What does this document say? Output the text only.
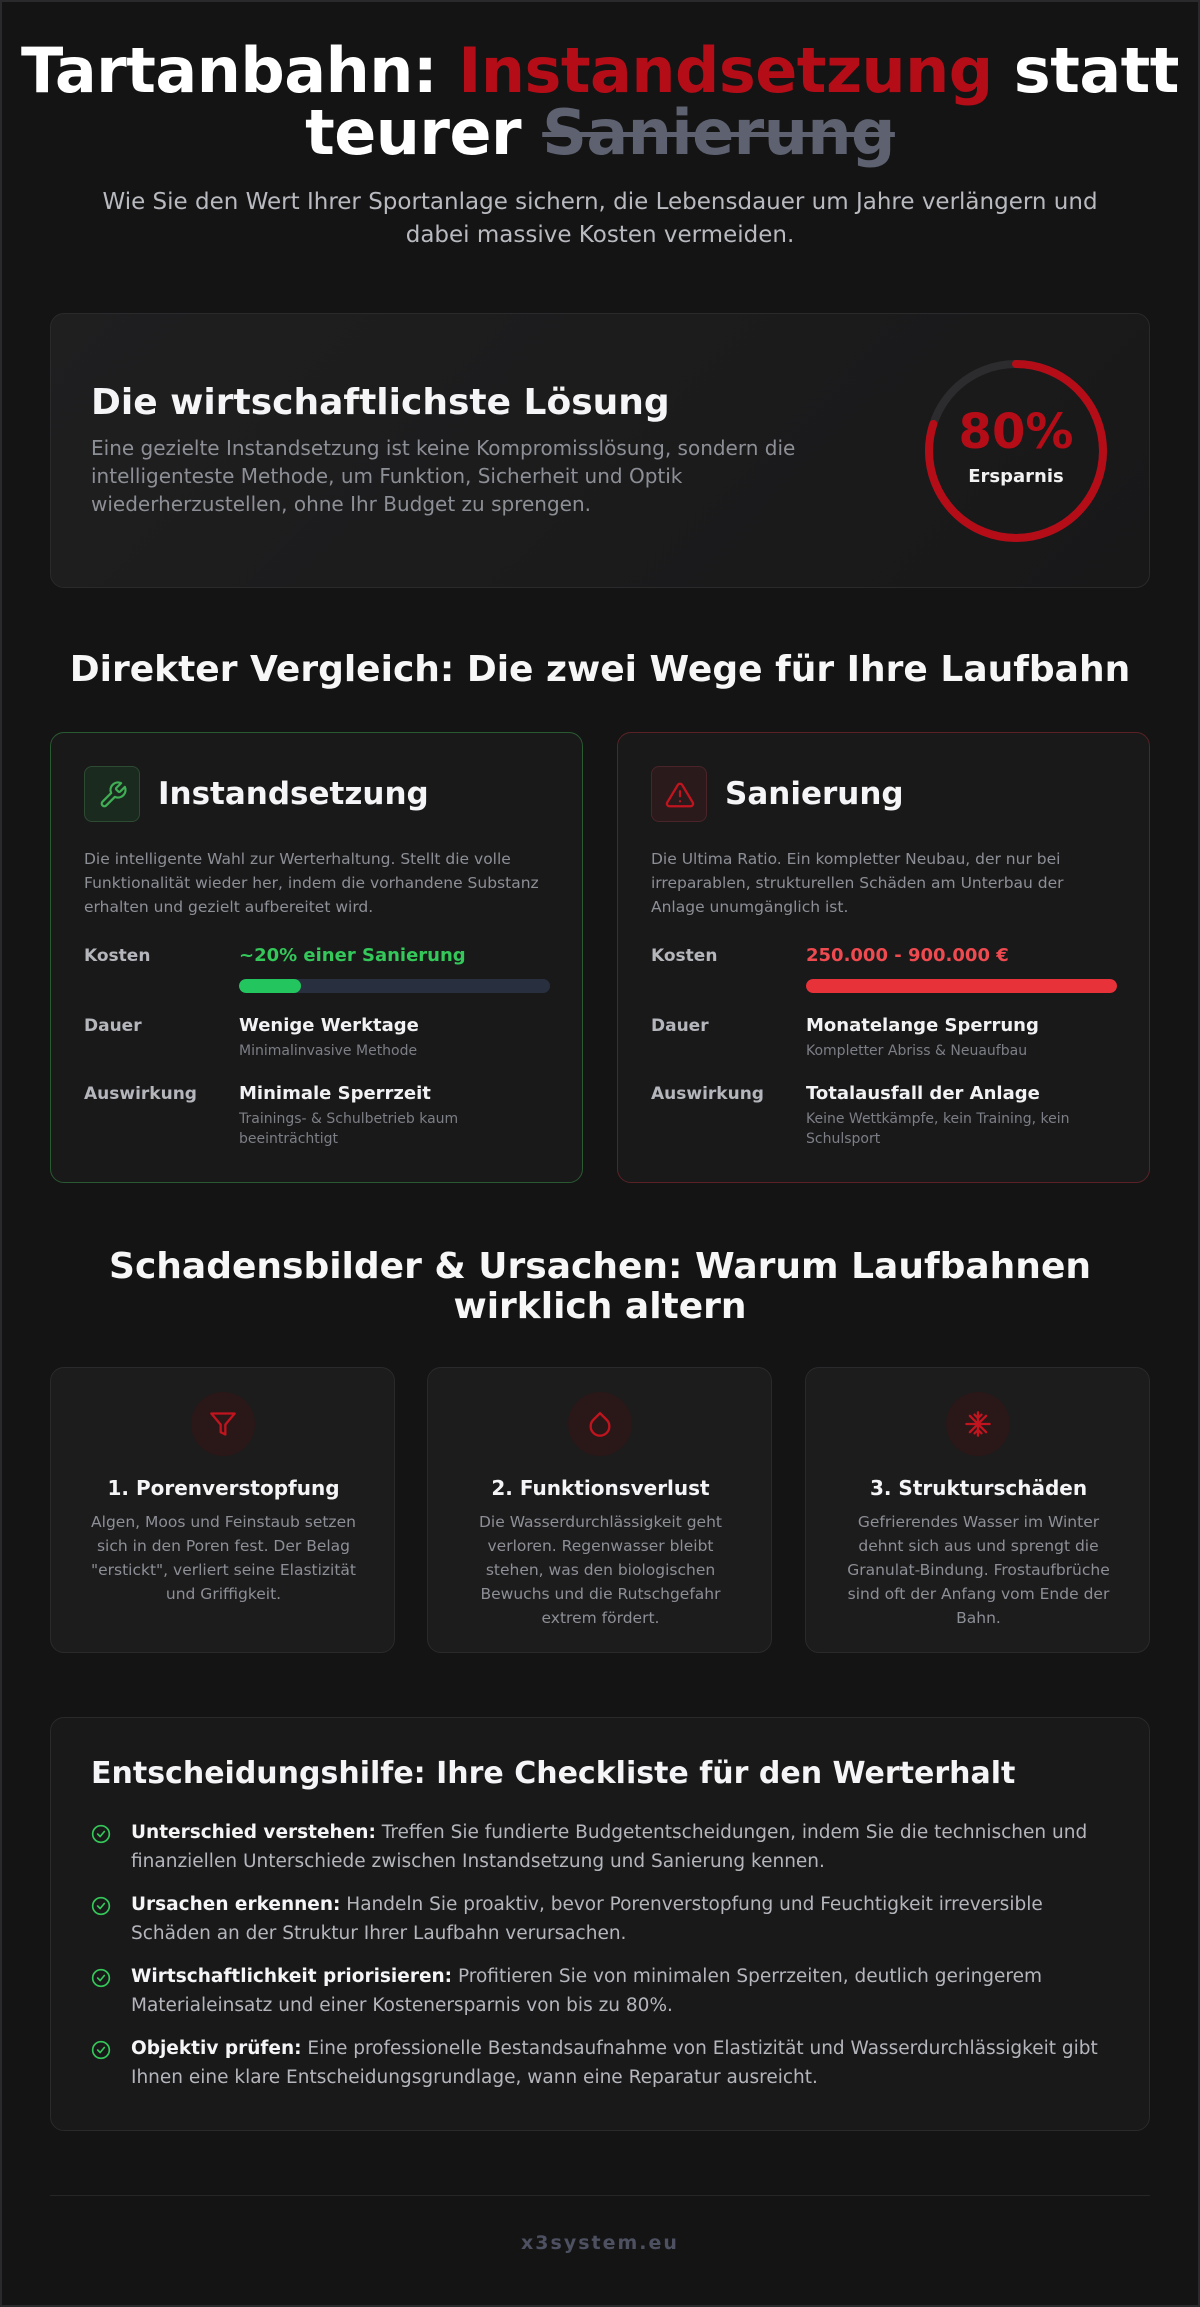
Tartanbahn: Instandsetzung statt
teurer Sanierung

Wie Sie den Wert Ihrer Sportanlage sichern, die Lebensdauer um Jahre verlängern und dabei massive Kosten vermeiden.

Die wirtschaftlichste Lösung

Eine gezielte Instandsetzung ist keine Kompromisslösung, sondern die intelligenteste Methode, um Funktion, Sicherheit und Optik wiederherzustellen, ohne Ihr Budget zu sprengen.

80%
Ersparnis
Direkter Vergleich: Die zwei Wege für Ihre Laufbahn
Instandsetzung
Die intelligente Wahl zur Werterhaltung. Stellt die volle Funktionalität wieder her, indem die vorhandene Substanz erhalten und gezielt aufbereitet wird.
Kosten	~20% einer Sanierung
Dauer	Wenige Werktage
Minimalinvasive Methode
Auswirkung Minimale Sperrzeit
Trainings- & Schulbetrieb kaum beeinträchtigt
Sanierung
Die Ultima Ratio. Ein kompletter Neubau, der nur bei irreparablen, strukturellen Schäden am Unterbau der Anlage unumgänglich ist.
Kosten	250.000 - 900.000 €
Dauer	Monatelange Sperrung
Kompletter Abriss & Neuaufbau
Auswirkung Totalausfall der Anlage
Keine Wettkämpfe, kein Training, kein Schulsport
Schadensbilder & Ursachen: Warum Laufbahnen
wirklich altern
1. Porenverstopfung

Algen, Moos und Feinstaub setzen sich in den Poren fest. Der Belag "erstickt", verliert seine Elastizität und Griffigkeit.

2. Funktionsverlust

Die Wasserdurchlässigkeit geht verloren. Regenwasser bleibt stehen, was den biologischen Bewuchs und die Rutschgefahr extrem fördert.

3. Strukturschäden

Gefrierendes Wasser im Winter dehnt sich aus und sprengt die Granulat-Bindung. Frostaufbrüche sind oft der Anfang vom Ende der Bahn.

Entscheidungshilfe: Ihre Checkliste für den Werterhalt
Unterschied verstehen: Treffen Sie fundierte Budgetentscheidungen, indem Sie die technischen und finanziellen Unterschiede zwischen Instandsetzung und Sanierung kennen.
Ursachen erkennen: Handeln Sie proaktiv, bevor Porenverstopfung und Feuchtigkeit irreversible Schäden an der Struktur Ihrer Laufbahn verursachen.
Wirtschaftlichkeit priorisieren: Profitieren Sie von minimalen Sperrzeiten, deutlich geringerem Materialeinsatz und einer Kostenersparnis von bis zu 80%.
Objektiv prüfen: Eine professionelle Bestandsaufnahme von Elastizität und Wasserdurchlässigkeit gibt Ihnen eine klare Entscheidungsgrundlage, wann eine Reparatur ausreicht.
x3system.eu
